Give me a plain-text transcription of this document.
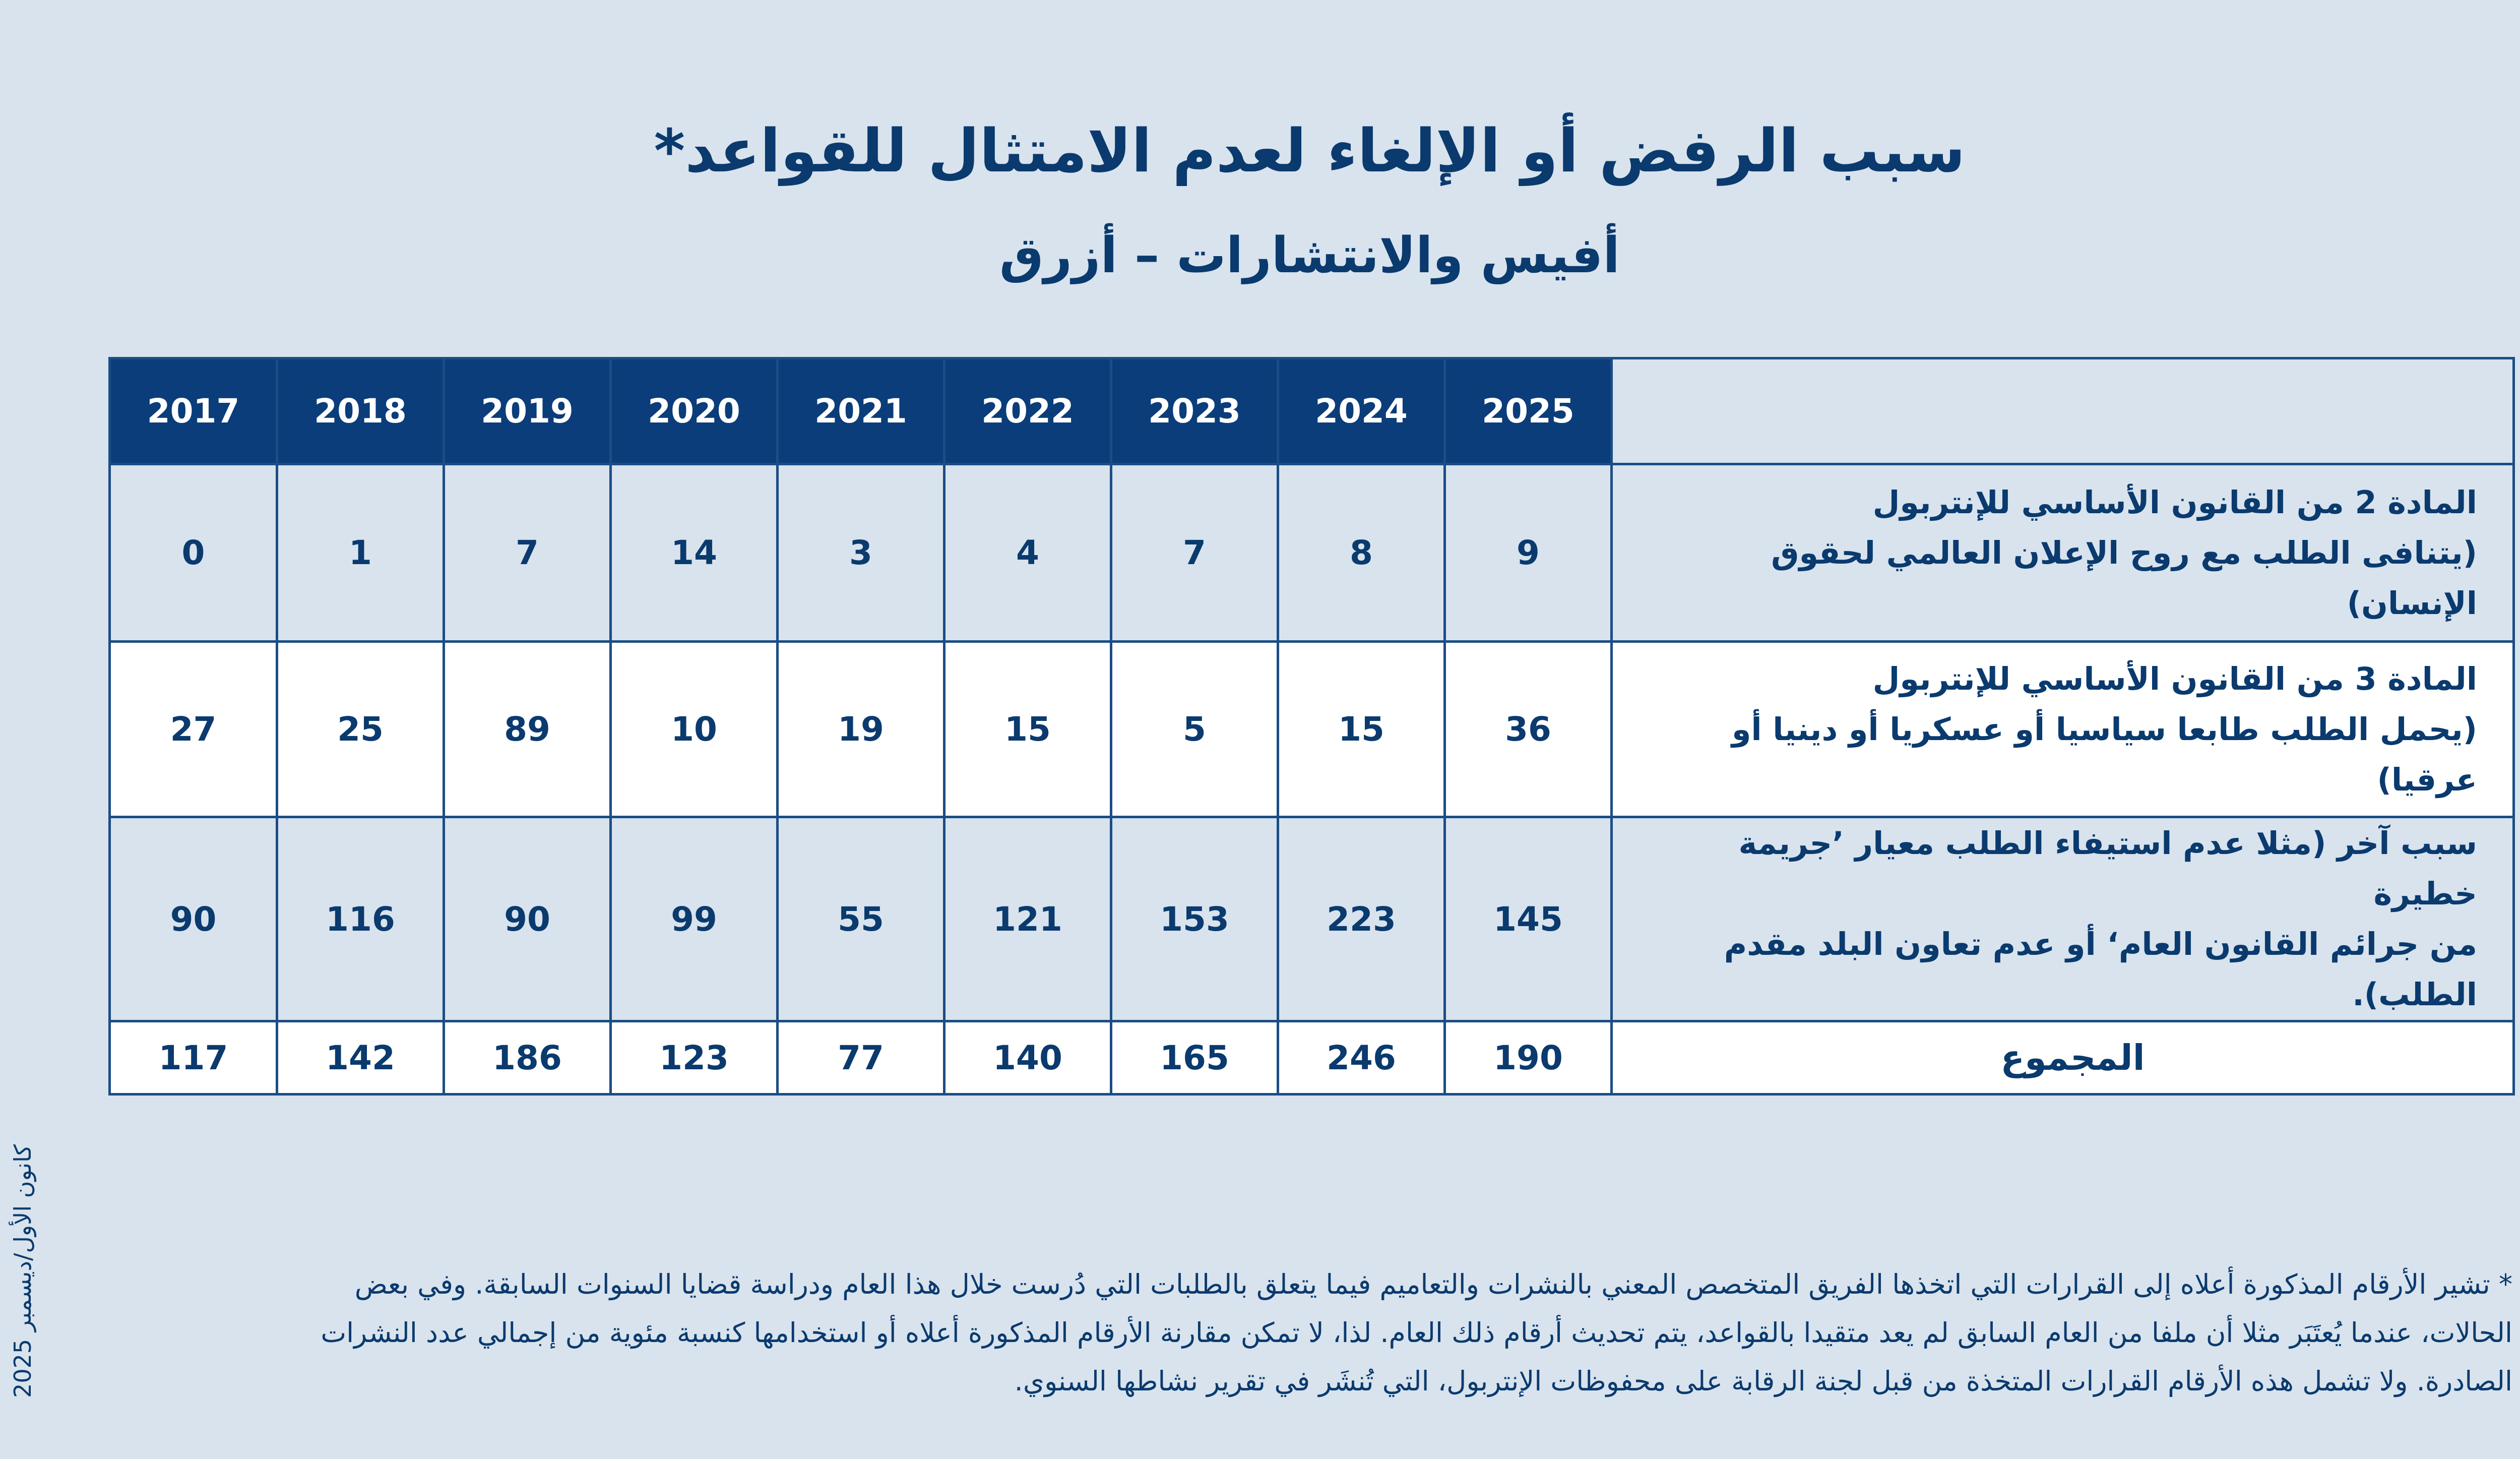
سبب الرفض أو الإلغاء لعدم الامتثال للقواعد*
أفيس والانتشارات – أزرق
	2025	2024	2023	2022	2021	2020	2019	2018	2017

المادة 2 من القانون الأساسي للإنتربول
(يتنافى الطلب مع روح الإعلان العالمي لحقوق الإنسان)	9	8	7	4	3	14	7	1	0

المادة 3 من القانون الأساسي للإنتربول
(يحمل الطلب طابعا سياسيا أو عسكريا أو دينيا أو عرقيا)	36	15	5	15	19	10	89	25	27

سبب آخر (مثلا عدم استيفاء الطلب معيار ’جريمة خطيرة
من جرائم القانون العام‘ أو عدم تعاون البلد مقدم الطلب).	145	223	153	121	55	99	90	116	90
المجموع	190	246	165	140	77	123	186	142	117
* تشير الأرقام المذكورة أعلاه إلى القرارات التي اتخذها الفريق المتخصص المعني بالنشرات والتعاميم فيما يتعلق بالطلبات التي دُرست خلال هذا العام ودراسة قضايا السنوات السابقة. وفي بعض
الحالات، عندما يُعتَبَر مثلا أن ملفا من العام السابق لم يعد متقيدا بالقواعد، يتم تحديث أرقام ذلك العام. لذا، لا تمكن مقارنة الأرقام المذكورة أعلاه أو استخدامها كنسبة مئوية من إجمالي عدد النشرات
الصادرة. ولا تشمل هذه الأرقام القرارات المتخذة من قبل لجنة الرقابة على محفوظات الإنتربول، التي تُنشَر في تقرير نشاطها السنوي.
كانون الأول/ديسمبر 2025
